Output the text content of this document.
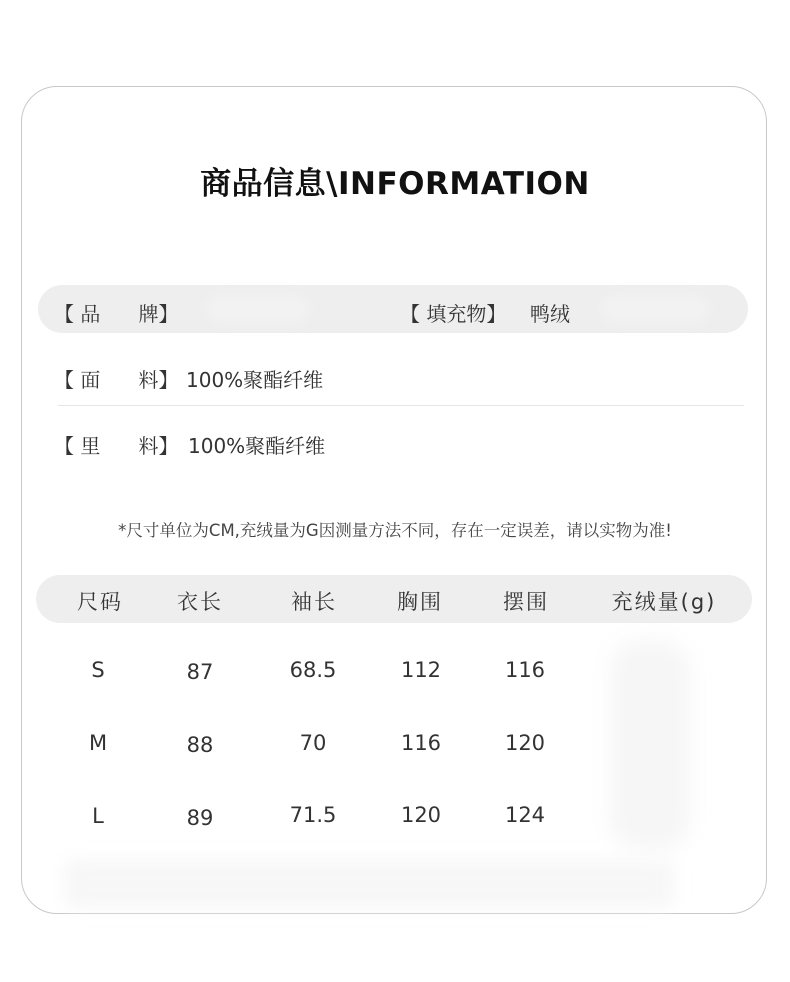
商品信息\INFORMATION
【 品      牌】	【 填充物】 鸭绒
【 面      料】 100%聚酯纤维
【 里      料】 100%聚酯纤维
*尺寸单位为CM,充绒量为G因测量方法不同，存在一定误差，请以实物为准!
尺码	衣长	袖长	胸围	摆围	充绒量(g)
S	87	68.5	112	116
M	88	70	116	120
L	89	71.5	120	124
